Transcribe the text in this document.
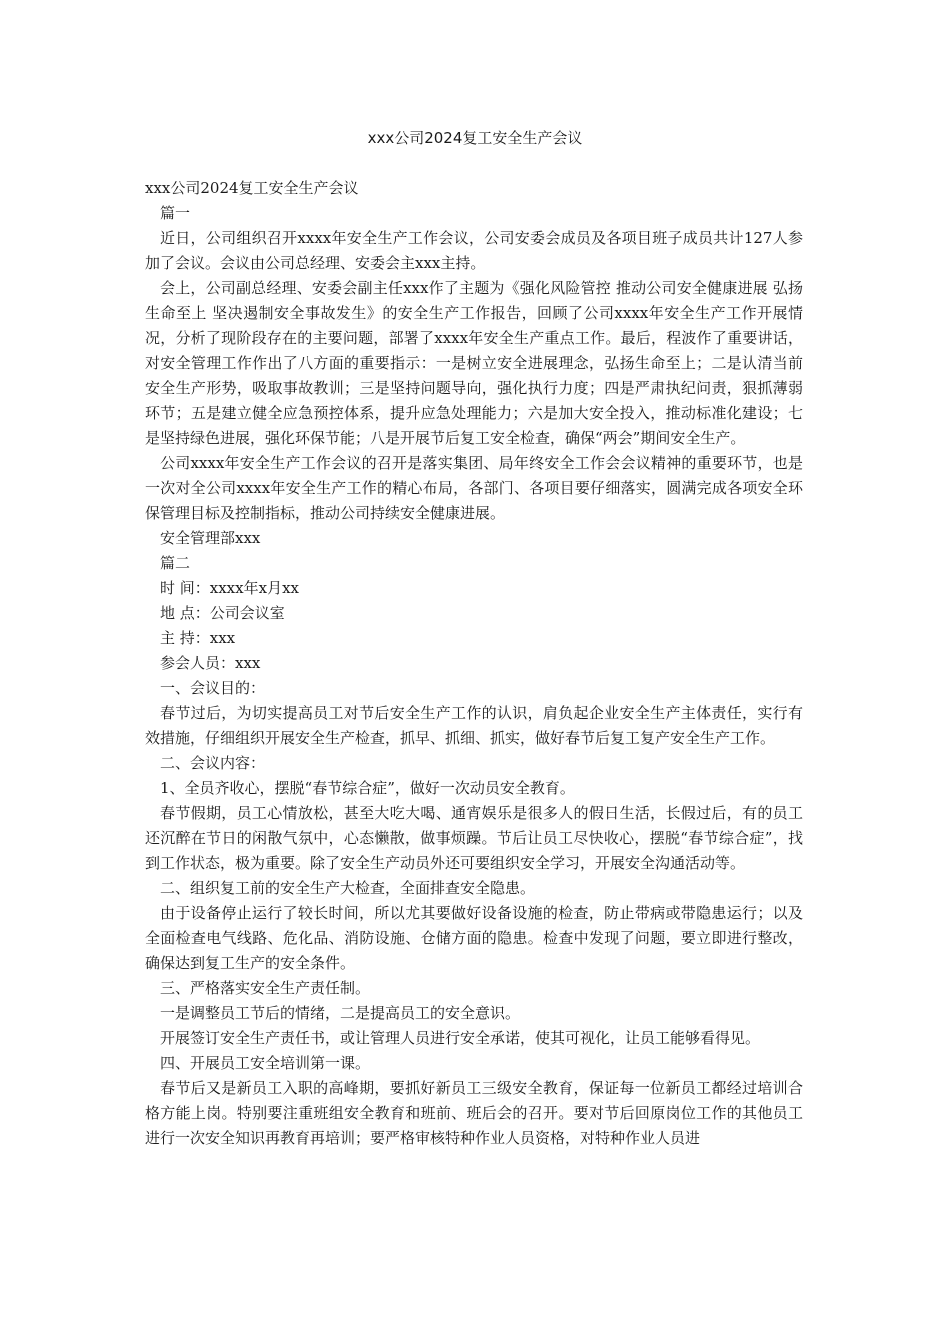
xxx公司2024复工安全生产会议

xxx公司2024复工安全生产会议

篇一

近日，公司组织召开xxxx年安全生产工作会议，公司安委会成员及各项目班子成员共计127人参加了会议。会议由公司总经理、安委会主xxx主持。

会上，公司副总经理、安委会副主任xxx作了主题为《强化风险管控 推动公司安全健康进展 弘扬生命至上 坚决遏制安全事故发生》的安全生产工作报告，回顾了公司xxxx年安全生产工作开展情况，分析了现阶段存在的主要问题，部署了xxxx年安全生产重点工作。最后，程波作了重要讲话，对安全管理工作作出了八方面的重要指示：一是树立安全进展理念，弘扬生命至上；二是认清当前安全生产形势，吸取事故教训；三是坚持问题导向，强化执行力度；四是严肃执纪问责，狠抓薄弱环节；五是建立健全应急预控体系，提升应急处理能力；六是加大安全投入，推动标准化建设；七是坚持绿色进展，强化环保节能；八是开展节后复工安全检查，确保“两会”期间安全生产。

公司xxxx年安全生产工作会议的召开是落实集团、局年终安全工作会会议精神的重要环节，也是一次对全公司xxxx年安全生产工作的精心布局，各部门、各项目要仔细落实，圆满完成各项安全环保管理目标及控制指标，推动公司持续安全健康进展。

安全管理部xxx

篇二

时 间：xxxx年x月xx

地 点：公司会议室

主 持：xxx

参会人员：xxx

一、会议目的：

春节过后，为切实提高员工对节后安全生产工作的认识，肩负起企业安全生产主体责任，实行有效措施，仔细组织开展安全生产检查，抓早、抓细、抓实，做好春节后复工复产安全生产工作。

二、会议内容：

1、全员齐收心，摆脱“春节综合症”，做好一次动员安全教育。

春节假期，员工心情放松，甚至大吃大喝、通宵娱乐是很多人的假日生活，长假过后，有的员工还沉醉在节日的闲散气氛中，心态懒散，做事烦躁。节后让员工尽快收心，摆脱“春节综合症”，找到工作状态，极为重要。除了安全生产动员外还可要组织安全学习，开展安全沟通活动等。

二、组织复工前的安全生产大检查，全面排查安全隐患。

由于设备停止运行了较长时间，所以尤其要做好设备设施的检查，防止带病或带隐患运行；以及全面检查电气线路、危化品、消防设施、仓储方面的隐患。检查中发现了问题，要立即进行整改，确保达到复工生产的安全条件。

三、严格落实安全生产责任制。

一是调整员工节后的情绪，二是提高员工的安全意识。

开展签订安全生产责任书，或让管理人员进行安全承诺，使其可视化，让员工能够看得见。

四、开展员工安全培训第一课。

春节后又是新员工入职的高峰期，要抓好新员工三级安全教育，保证每一位新员工都经过培训合格方能上岗。特别要注重班组安全教育和班前、班后会的召开。要对节后回原岗位工作的其他员工进行一次安全知识再教育再培训；要严格审核特种作业人员资格，对特种作业人员进
